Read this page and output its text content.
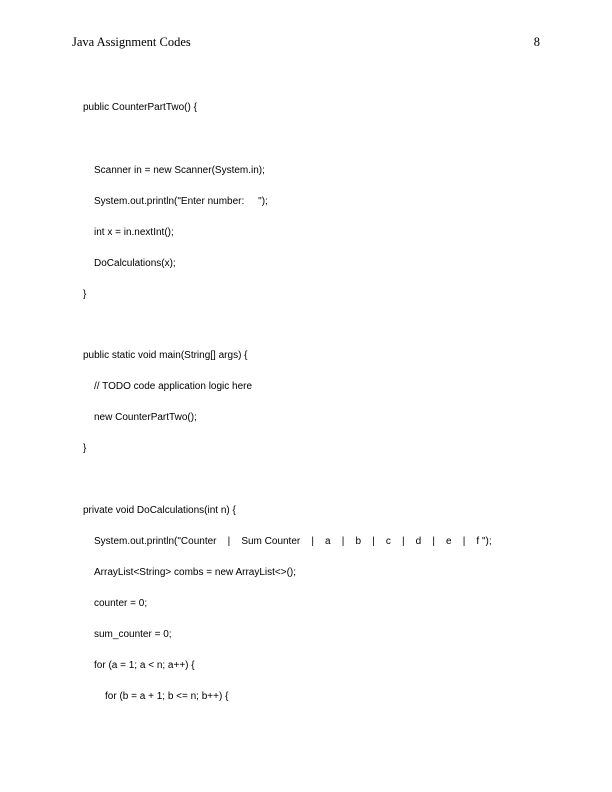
Java Assignment Codes	8
public CounterPartTwo() {
Scanner in = new Scanner(System.in);
System.out.println("Enter number:     ");
int x = in.nextInt();
DoCalculations(x);
}
public static void main(String[] args) {
// TODO code application logic here
new CounterPartTwo();
}
private void DoCalculations(int n) {
System.out.println("Counter    |    Sum Counter    |    a    |    b    |    c    |    d    |    e    |    f ");
ArrayList<String> combs = new ArrayList<>();
counter = 0;
sum_counter = 0;
for (a = 1; a < n; a++) {
for (b = a + 1; b <= n; b++) {
